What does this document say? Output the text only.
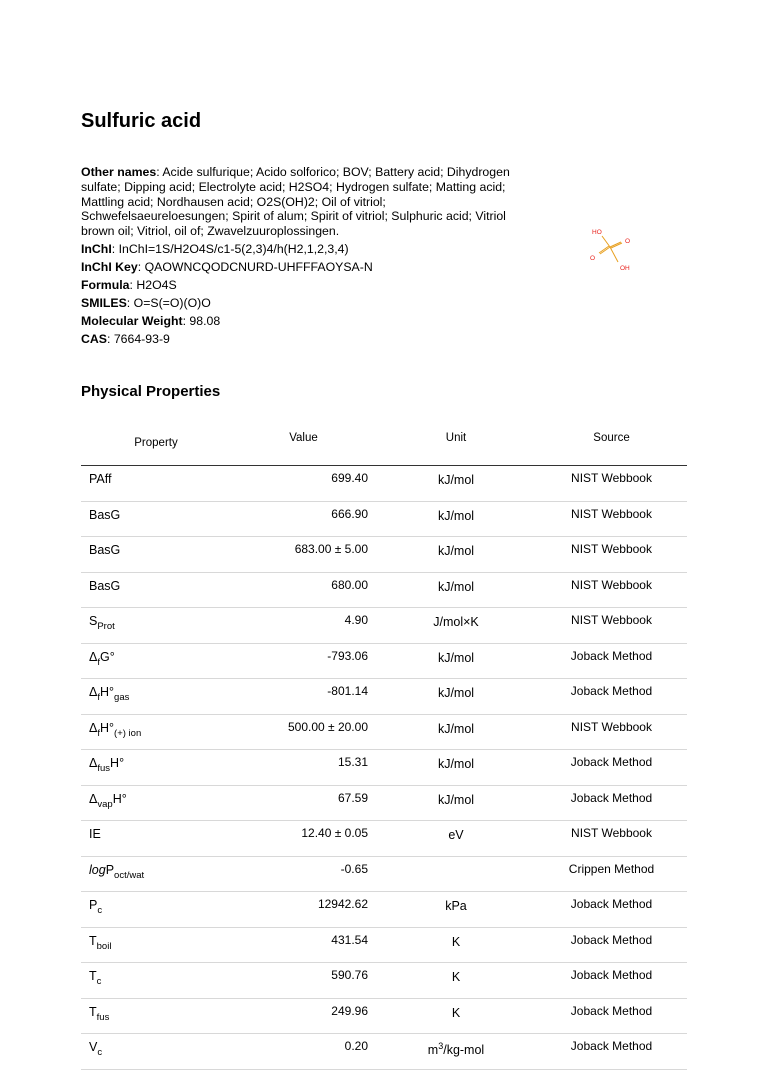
Sulfuric acid

Other names: Acide sulfurique; Acido solforico; BOV; Battery acid; Dihydrogen sulfate; Dipping acid; Electrolyte acid; H2SO4; Hydrogen sulfate; Matting acid; Mattling acid; Nordhausen acid; O2S(OH)2; Oil of vitriol; Schwefelsaeureloesungen; Spirit of alum; Spirit of vitriol; Sulphuric acid; Vitriol brown oil; Vitriol, oil of; Zwavelzuuroplossingen.

InChI: InChI=1S/H2O4S/c1-5(2,3)4/h(H2,1,2,3,4)

InChI Key: QAOWNCQODCNURD-UHFFFAOYSA-N

Formula: H2O4S

SMILES: O=S(=O)(O)O

Molecular Weight: 98.08

CAS: 7664-93-9

HO
O
O
OH
Physical Properties
Property	Value	Unit	Source
PAff	699.40	kJ/mol	NIST Webbook
BasG	666.90	kJ/mol	NIST Webbook
BasG	683.00 ± 5.00	kJ/mol	NIST Webbook
BasG	680.00	kJ/mol	NIST Webbook
$S_{Prot}$	4.90	J/mol×K	NIST Webbook
$\Delta_fG^\circ$	-793.06	kJ/mol	Joback Method
$\Delta_fH^\circ_{gas}$	-801.14	kJ/mol	Joback Method
$\Delta_fH^\circ_{(+) ion}$	500.00 ± 20.00	kJ/mol	NIST Webbook
$\Delta_{fus}H^\circ$	15.31	kJ/mol	Joback Method
$\Delta_{vap}H^\circ$	67.59	kJ/mol	Joback Method
IE	12.40 ± 0.05	eV	NIST Webbook
logP$_{oct/wat}$	-0.65		Crippen Method
$P_c$	12942.62	kPa	Joback Method
$T_{boil}$	431.54	K	Joback Method
$T_c$	590.76	K	Joback Method
$T_{fus}$	249.96	K	Joback Method
$V_c$	0.20	$m^3/kg$-mol	Joback Method
